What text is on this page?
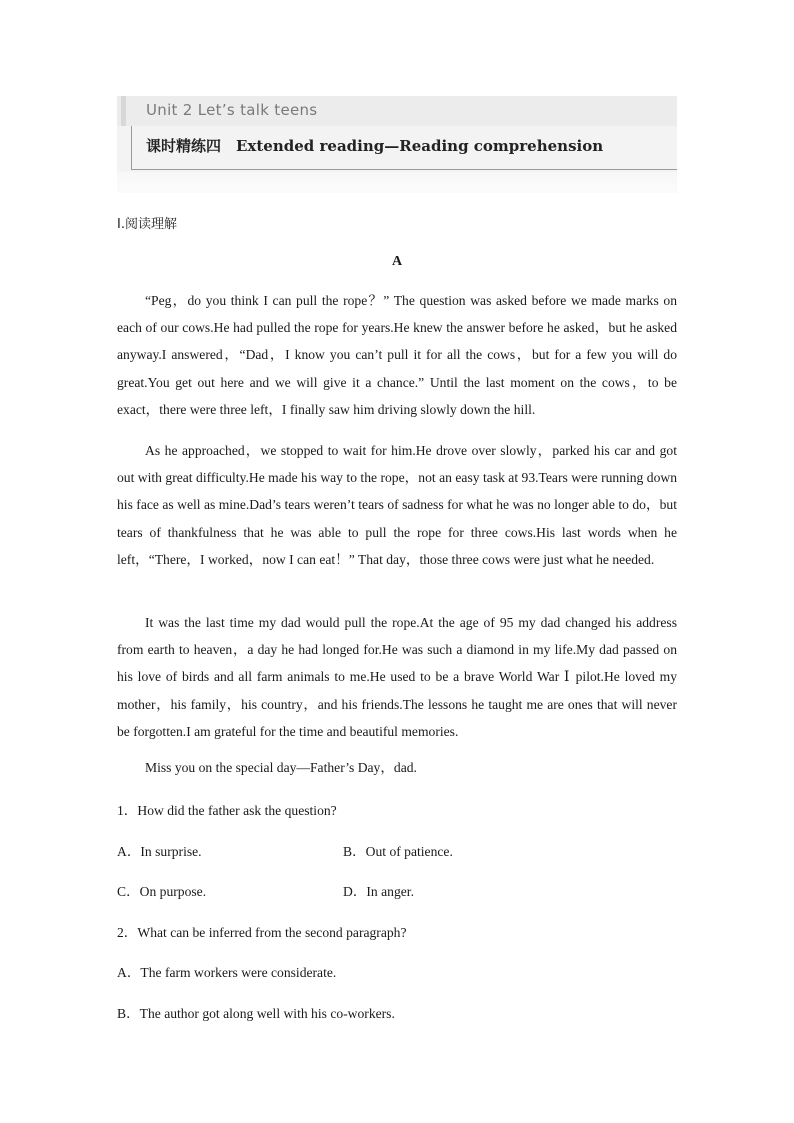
Unit 2 Let’s talk teens
课时精练四　Extended reading—Reading comprehension
Ⅰ.阅读理解
A

“Peg，do you think I can pull the rope？” The question was asked before we made marks on each of our cows.He had pulled the rope for years.He knew the answer before he asked，but he asked anyway.I answered，“Dad，I know you can’t pull it for all the cows，but for a few you will do great.You get out here and we will give it a chance.” Until the last moment on the cows，to be exact，there were three left，I finally saw him driving slowly down the hill.

As he approached，we stopped to wait for him.He drove over slowly，parked his car and got out with great difficulty.He made his way to the rope，not an easy task at 93.Tears were running down his face as well as mine.Dad’s tears weren’t tears of sadness for what he was no longer able to do，but tears of thankfulness that he was able to pull the rope for three cows.His last words when he left，“There，I worked，now I can eat！” That day，those three cows were just what he needed.

It was the last time my dad would pull the rope.At the age of 95 my dad changed his address from earth to heaven，a day he had longed for.He was such a diamond in my life.My dad passed on his love of birds and all farm animals to me.He used to be a brave World War Ⅰ pilot.He loved my mother，his family，his country，and his friends.The lessons he taught me are ones that will never be forgotten.I am grateful for the time and beautiful memories.

Miss you on the special day—Father’s Day，dad.

1．How did the father ask the question?
A．In surprise.	B．Out of patience.
C．On purpose.	D．In anger.
2．What can be inferred from the second paragraph?
A．The farm workers were considerate.
B．The author got along well with his co-workers.
